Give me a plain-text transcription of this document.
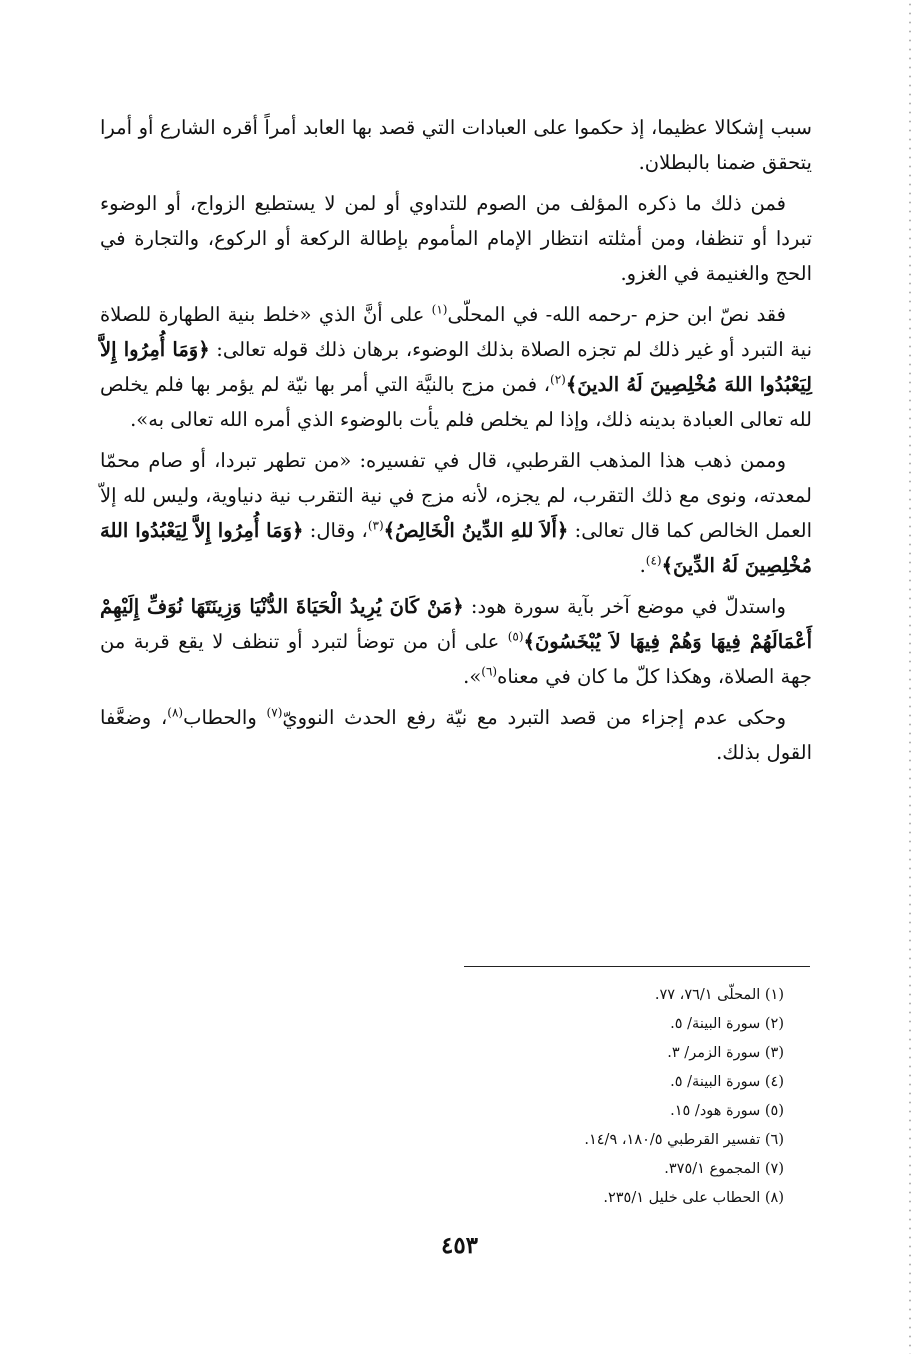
سبب إشكالا عظيما، إذ حكموا على العبادات التي قصد بها العابد أمراً أقره الشارع أو أمرا يتحقق ضمنا بالبطلان.

فمن ذلك ما ذكره المؤلف من الصوم للتداوي أو لمن لا يستطيع الزواج، أو الوضوء تبردا أو تنظفا، ومن أمثلته انتظار الإمام المأموم بإطالة الركعة أو الركوع، والتجارة في الحج والغنيمة في الغزو.

فقد نصّ ابن حزم -رحمه الله- في المحلّى$^{(١)}$ على أنَّ الذي «خلط بنية الطهارة للصلاة نية التبرد أو غير ذلك لم تجزه الصلاة بذلك الوضوء، برهان ذلك قوله تعالى: ﴿وَمَا أُمِرُوا إِلاَّ لِيَعْبُدُوا اللهَ مُخْلِصِينَ لَهُ الدينَ﴾$^{(٢)}$، فمن مزج بالنيَّة التي أمر بها نيّة لم يؤمر بها فلم يخلص لله تعالى العبادة بدينه ذلك، وإذا لم يخلص فلم يأت بالوضوء الذي أمره الله تعالى به».

وممن ذهب هذا المذهب القرطبي، قال في تفسيره: «من تطهر تبردا، أو صام محمّا لمعدته، ونوى مع ذلك التقرب، لم يجزه، لأنه مزج في نية التقرب نية دنياوية، وليس لله إلاّ العمل الخالص كما قال تعالى: ﴿أَلاَ للهِ الدِّينُ الْخَالِصُ﴾$^{(٣)}$، وقال: ﴿وَمَا أُمِرُوا إِلاَّ لِيَعْبُدُوا اللهَ مُخْلِصِينَ لَهُ الدِّينَ﴾$^{(٤)}$.

واستدلّ في موضع آخر بآية سورة هود: ﴿مَنْ كَانَ يُرِيدُ الْحَيَاةَ الدُّنْيَا وَزِينَتَهَا نُوَفِّ إِلَيْهِمْ أَعْمَالَهُمْ فِيهَا وَهُمْ فِيهَا لاَ يُبْخَسُونَ﴾$^{(٥)}$ على أن من توضأ لتبرد أو تنظف لا يقع قربة من جهة الصلاة، وهكذا كلّ ما كان في معناه$^{(٦)}$».

وحكى عدم إجزاء من قصد التبرد مع نيّة رفع الحدث النوويّ$^{(٧)}$ والحطاب$^{(٨)}$، وضعَّفا القول بذلك.

(١) المحلّى ٧٦/١، ٧٧.
(٢) سورة البينة/ ٥.
(٣) سورة الزمر/ ٣.
(٤) سورة البينة/ ٥.
(٥) سورة هود/ ١٥.
(٦) تفسير القرطبي ١٨٠/٥، ١٤/٩.
(٧) المجموع ٣٧٥/١.
(٨) الحطاب على خليل ٢٣٥/١.
٤٥٣
